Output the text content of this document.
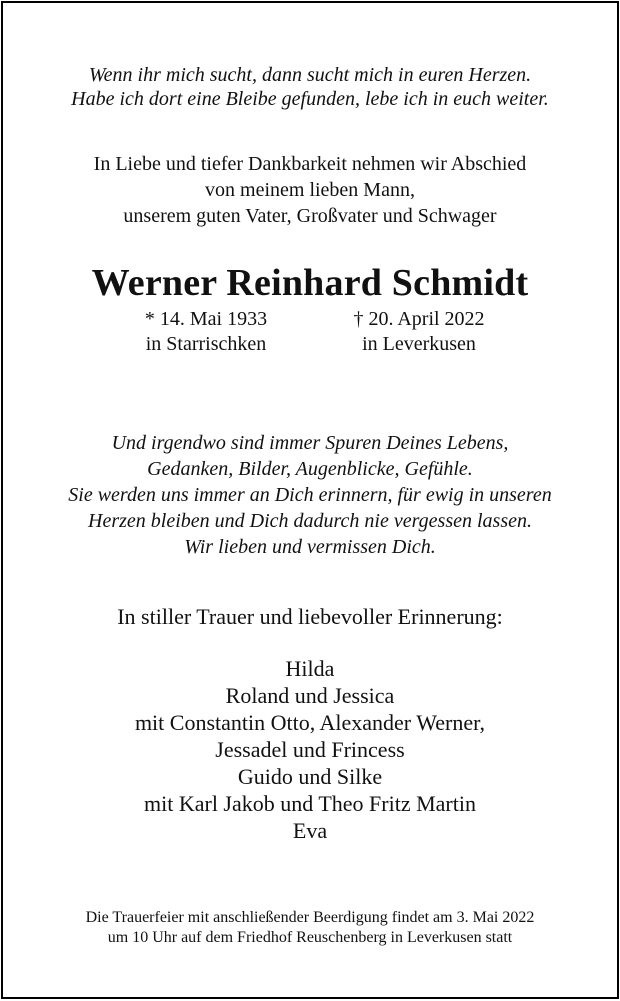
Wenn ihr mich sucht, dann sucht mich in euren Herzen.
Habe ich dort eine Bleibe gefunden, lebe ich in euch weiter.

In Liebe und tiefer Dankbarkeit nehmen wir Abschied
von meinem lieben Mann,
unserem guten Vater, Großvater und Schwager

Werner Reinhard Schmidt
* 14. Mai 1933
in Starrischken
† 20. April 2022
in Leverkusen

Und irgendwo sind immer Spuren Deines Lebens,
Gedanken, Bilder, Augenblicke, Gefühle.
Sie werden uns immer an Dich erinnern, für ewig in unseren
Herzen bleiben und Dich dadurch nie vergessen lassen.
Wir lieben und vermissen Dich.

In stiller Trauer und liebevoller Erinnerung:

Hilda
Roland und Jessica
mit Constantin Otto, Alexander Werner,
Jessadel und Frincess
Guido und Silke
mit Karl Jakob und Theo Fritz Martin
Eva

Die Trauerfeier mit anschließender Beerdigung findet am 3. Mai 2022
um 10 Uhr auf dem Friedhof Reuschenberg in Leverkusen statt
